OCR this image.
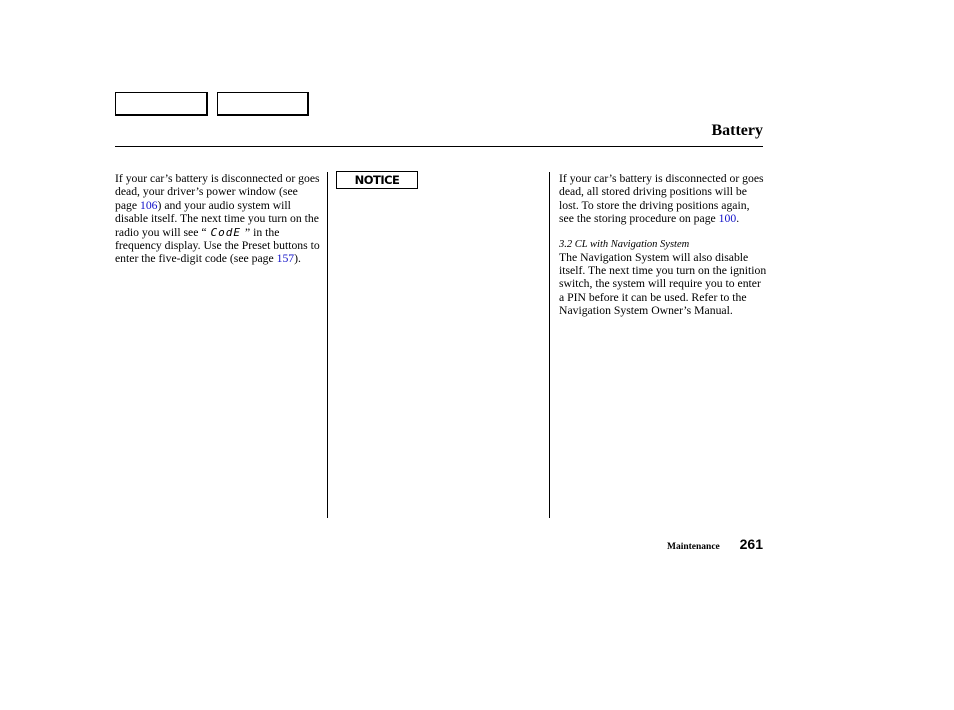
Battery
If your car’s battery is disconnected or goes dead, your driver’s power window (see page 106) and your audio system will disable itself. The next time you turn on the radio you will see “ CodE ” in the frequency display. Use the Preset buttons to enter the five-digit code (see page 157).
NOTICE	If your car’s battery is disconnected or goes dead, all stored driving positions will be lost. To store the driving positions again, see the storing procedure on page 100.
3.2 CL with Navigation System
The Navigation System will also disable itself. The next time you turn on the ignition switch, the system will require you to enter a PIN before it can be used. Refer to the Navigation System Owner’s Manual.
Maintenance 261
